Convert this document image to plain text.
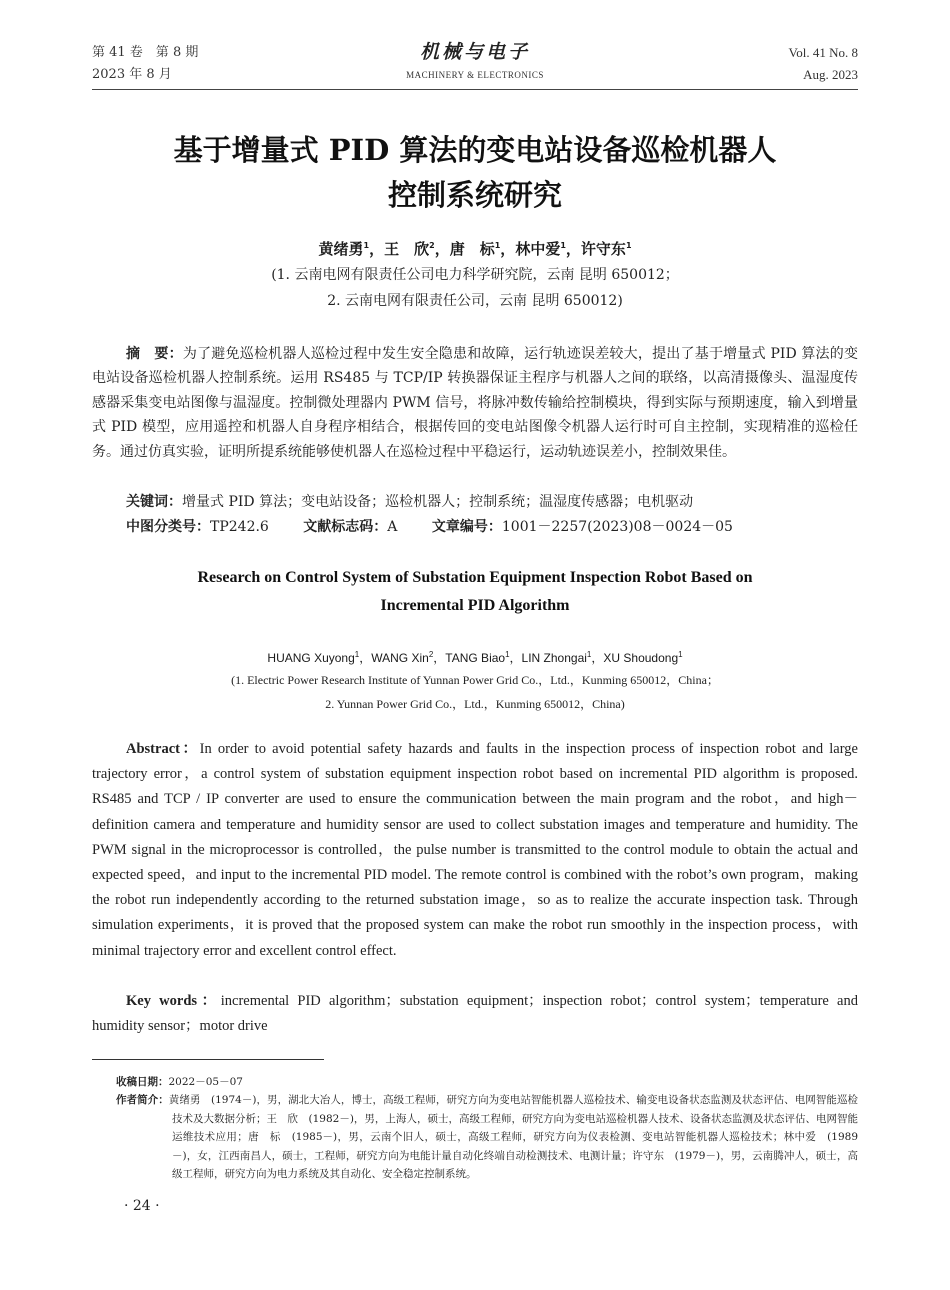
第 41 卷　第 8 期
2023 年 8 月
机械与电子
MACHINERY & ELECTRONICS
Vol. 41 No. 8
Aug. 2023
基于增量式 PID 算法的变电站设备巡检机器人
控制系统研究
黄绪勇$^1$，王　欣$^2$，唐　标$^1$，林中爱$^1$，许守东$^1$
(1. 云南电网有限责任公司电力科学研究院，云南 昆明 650012；
2. 云南电网有限责任公司，云南 昆明 650012)
摘　要：为了避免巡检机器人巡检过程中发生安全隐患和故障，运行轨迹误差较大，提出了基于增量式 PID 算法的变电站设备巡检机器人控制系统。运用 RS485 与 TCP/IP 转换器保证主程序与机器人之间的联络，以高清摄像头、温湿度传感器采集变电站图像与温湿度。控制微处理器内 PWM 信号，将脉冲数传输给控制模块，得到实际与预期速度，输入到增量式 PID 模型，应用遥控和机器人自身程序相结合，根据传回的变电站图像令机器人运行时可自主控制，实现精准的巡检任务。通过仿真实验，证明所提系统能够使机器人在巡检过程中平稳运行，运动轨迹误差小，控制效果佳。
关键词：增量式 PID 算法；变电站设备；巡检机器人；控制系统；温湿度传感器；电机驱动
中图分类号：TP242.6 文献标志码：A 文章编号：1001－2257(2023)08－0024－05
Research on Control System of Substation Equipment Inspection Robot Based on
Incremental PID Algorithm
HUANG Xuyong$^1$，WANG Xin$^2$，TANG Biao$^1$，LIN Zhongai$^1$，XU Shoudong$^1$
(1. Electric Power Research Institute of Yunnan Power Grid Co.，Ltd.，Kunming 650012，China；
2. Yunnan Power Grid Co.，Ltd.，Kunming 650012，China)
Abstract：In order to avoid potential safety hazards and faults in the inspection process of inspection robot and large trajectory error，a control system of substation equipment inspection robot based on incremental PID algorithm is proposed. RS485 and TCP / IP converter are used to ensure the communication between the main program and the robot，and high－definition camera and temperature and humidity sensor are used to collect substation images and temperature and humidity. The PWM signal in the microprocessor is controlled，the pulse number is transmitted to the control module to obtain the actual and expected speed，and input to the incremental PID model. The remote control is combined with the robot’s own program，making the robot run independently according to the returned substation image，so as to realize the accurate inspection task. Through simulation experiments，it is proved that the proposed system can make the robot run smoothly in the inspection process，with minimal trajectory error and excellent control effect.
Key words：incremental PID algorithm；substation equipment；inspection robot；control system；temperature and humidity sensor；motor drive
收稿日期：2022－05－07
作者简介：黄绪勇　(1974－)，男，湖北大冶人，博士，高级工程师，研究方向为变电站智能机器人巡检技术、输变电设备状态监测及状态评估、电网智能巡检技术及大数据分析；王　欣　(1982－)，男，上海人，硕士，高级工程师，研究方向为变电站巡检机器人技术、设备状态监测及状态评估、电网智能运维技术应用；唐　标　(1985－)，男，云南个旧人，硕士，高级工程师，研究方向为仪表检测、变电站智能机器人巡检技术；林中爱　(1989－)，女，江西南昌人，硕士，工程师，研究方向为电能计量自动化终端自动检测技术、电测计量；许守东　(1979－)，男，云南腾冲人，硕士，高级工程师，研究方向为电力系统及其自动化、安全稳定控制系统。
· 24 ·
